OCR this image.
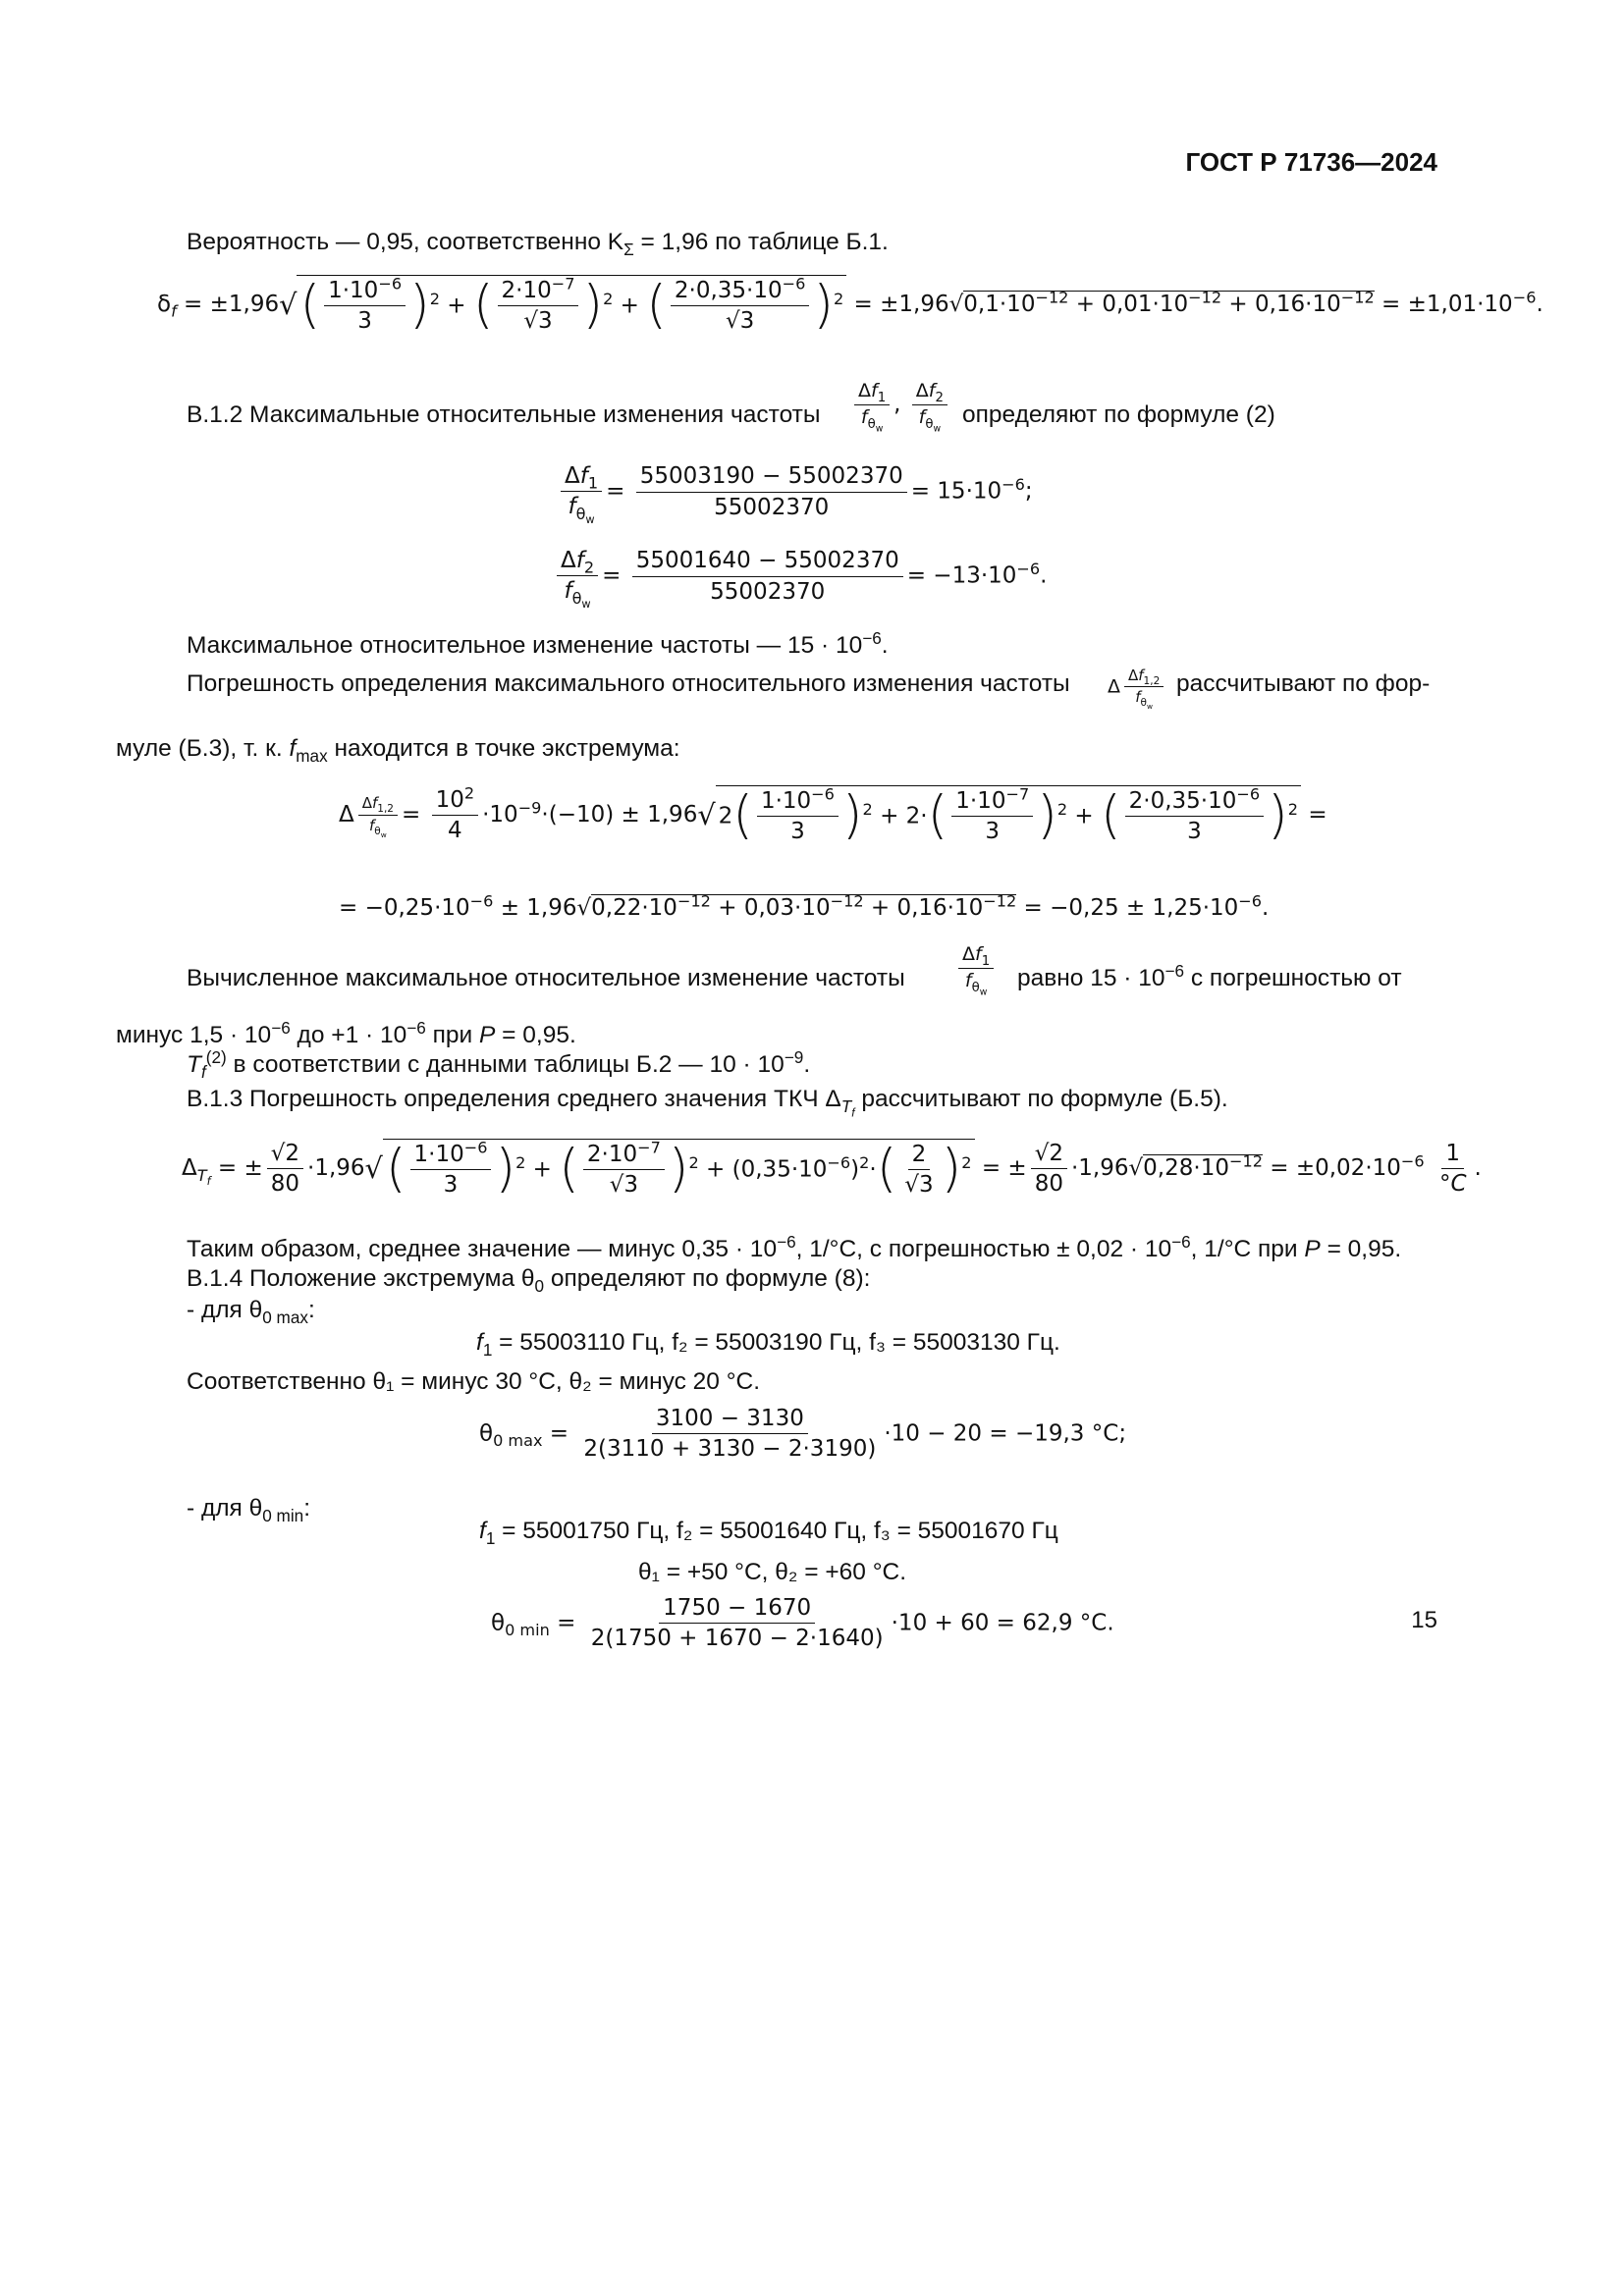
ГОСТ Р 71736—2024
Вероятность — 0,95, соответственно $K_\Sigma = 1,96$ по таблице Б.1.
$\delta_f = \pm 1,96√( \frac{1\cdot 10^{-6}}{3} )^2$ + ( $\frac{2\cdot 10^{-7}}{√3} )^2$ + ( $\frac{2\cdot 0,35\cdot 10^{-6}}{√3} )^2 = \pm 1,96√0,1\cdot 10^{-12} + 0,01\cdot 10^{-12} + 0,16\cdot 10^{-12} = \pm 1,01\cdot 10^{-6}$.
В.1.2 Максимальные относительные изменения частоты
$\Delta f_1$
$f_{\theta_w}$
,
$\Delta f_2$
$f_{\theta_w}$
определяют по формуле (2)
$\Delta f_1$
$f_{\theta_w}$
= $\frac{55003190 - 55002370}{55002370} = 15\cdot 10^{-6}$;
$\Delta f_2$
$f_{\theta_w}$
= $\frac{55001640 - 55002370}{55002370} = -13\cdot 10^{-6}$.
Максимальное относительное изменение частоты — $15 \cdot 10^{-6}$.
Погрешность определения максимального относительного изменения частоты Δ
$\Delta f_{1,2}$
$f_{\theta_w}$
рассчитывают по фор-
муле (Б.3), т. к. $f_{max}$ находится в точке экстремума:
Δ $\Delta f_{1,2}$
$f_{\theta_w}$
= $\frac{10^2}{4} \cdot 10^{-9}\cdot(-10) \pm 1,96√$ $2( \frac{1\cdot 10^{-6}}{3} )^2 + 2\cdot( \frac{1\cdot 10^{-7}}{3} )^2$ + ( $\frac{2\cdot 0,35\cdot 10^{-6}}{3} )^2$ =
= $-0,25\cdot 10^{-6} \pm 1,96√0,22\cdot 10^{-12} + 0,03\cdot 10^{-12} + 0,16\cdot 10^{-12} = -0,25 \pm 1,25\cdot 10^{-6}$.
Вычисленное максимальное относительное изменение частоты
$\Delta f_1$
$f_{\theta_w}$
равно $15 \cdot 10^{-6}$ с погрешностью от
минус $1,5 \cdot 10^{-6}$ до $+1 \cdot 10^{-6}$ при P = 0,95.
$T_f^{(2)}$ в соответствии с данными таблицы Б.2 — $10 \cdot 10^{-9}$.
В.1.3 Погрешность определения среднего значения ТКЧ $\Delta_{T_f}$ рассчитывают по формуле (Б.5).
$\Delta_{T_f}$ = ± $\frac{√2}{80} \cdot 1,96√( \frac{1\cdot 10^{-6}}{3} )^2$ + ( $\frac{2\cdot 10^{-7}}{√3} )^2 + (0,35\cdot 10^{-6})^2\cdot( \frac{2}{√3} )^2$ = ± $\frac{√2}{80} \cdot 1,96√0,28\cdot 10^{-12} = \pm 0,02\cdot 10^{-6} \frac{1}{^\circ C}$ .
Таким образом, среднее значение — минус $0,35 \cdot 10^{-6}$, 1/°C, с погрешностью ± $0,02 \cdot 10^{-6}$, 1/°C при P = 0,95.
В.1.4 Положение экстремума $\theta_0$ определяют по формуле (8):
- для $\theta_{0 max}$:
$f_1 = 55003110$ Гц, f₂ = 55003190 Гц, f₃ = 55003130 Гц.
Соответственно θ₁ = минус 30 °C, θ₂ = минус 20 °C.
$\theta_{0 max} = \frac{3100 - 3130}{2(3110 + 3130 - 2\cdot 3190)} \cdot 10 - 20 = -19,3$ °C;
- для $\theta_{0 min}$:
$f_1 = 55001750$ Гц, f₂ = 55001640 Гц, f₃ = 55001670 Гц
θ₁ = +50 °C, θ₂ = +60 °C.
$\theta_{0 min} = \frac{1750 - 1670}{2(1750 + 1670 - 2\cdot 1640)} \cdot 10 + 60 = 62,9$ °C.	15
